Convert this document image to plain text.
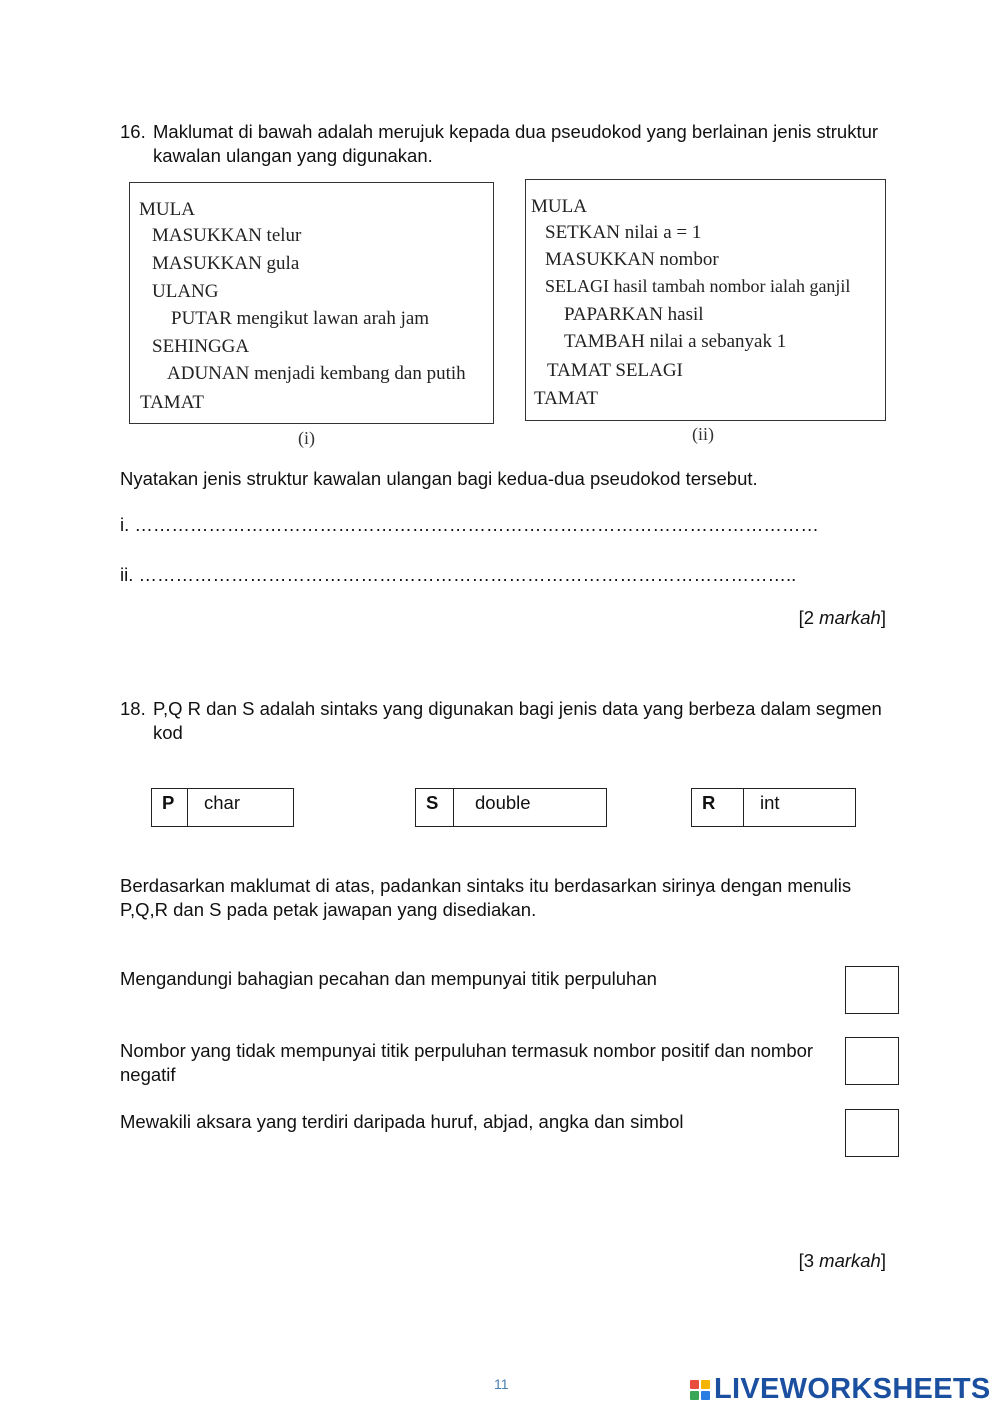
16. Maklumat di bawah adalah merujuk kepada dua pseudokod yang berlainan jenis struktur kawalan ulangan yang digunakan.
MULA
MASUKKAN telur
MASUKKAN gula
ULANG
PUTAR mengikut lawan arah jam
SEHINGGA
ADUNAN menjadi kembang dan putih
TAMAT
(i)
MULA
SETKAN nilai a = 1
MASUKKAN nombor
SELAGI hasil tambah nombor ialah ganjil
PAPARKAN hasil
TAMBAH nilai a sebanyak 1
TAMAT SELAGI
TAMAT
(ii)
Nyatakan jenis struktur kawalan ulangan bagi kedua-dua pseudokod tersebut.
i. …………………………………………………………………………………………………
ii. ……………………………………………………………………………………………..
[2 markah]
18. P,Q R dan S adalah sintaks yang digunakan bagi jenis data yang berbeza dalam segmen kod
P	char	S	double	R	int
Berdasarkan maklumat di atas, padankan sintaks itu berdasarkan sirinya dengan menulis P,Q,R dan S pada petak jawapan yang disediakan.
Mengandungi bahagian pecahan dan mempunyai titik perpuluhan
Nombor yang tidak mempunyai titik perpuluhan termasuk nombor positif dan nombor negatif
Mewakili aksara yang terdiri daripada huruf, abjad, angka dan simbol
[3 markah]
11	LIVEWORKSHEETS
